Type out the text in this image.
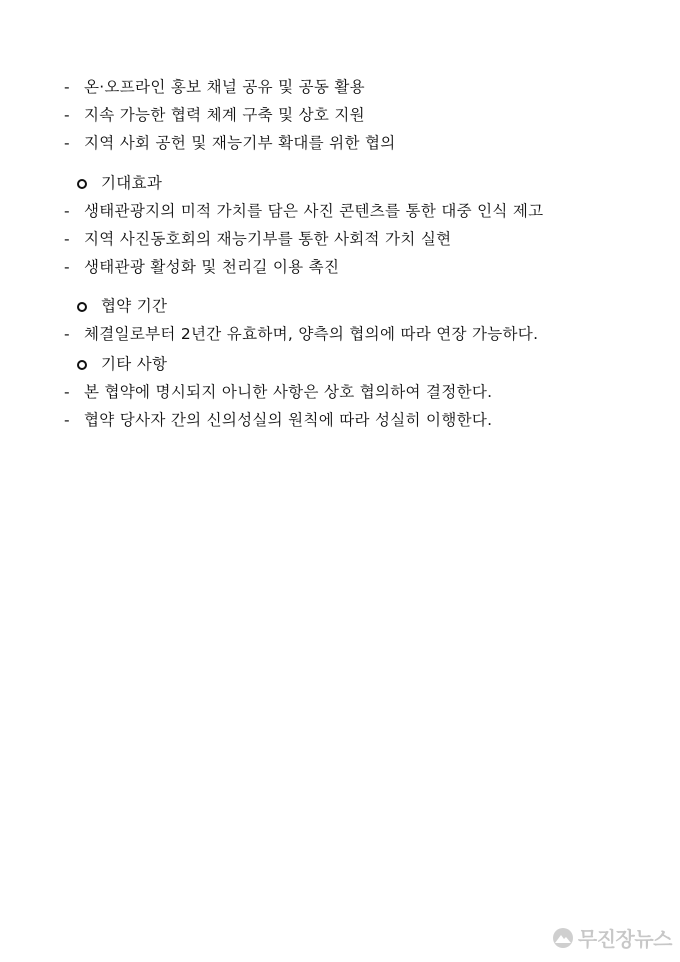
- 온·오프라인 홍보 채널 공유 및 공동 활용
- 지속 가능한 협력 체계 구축 및 상호 지원
- 지역 사회 공헌 및 재능기부 확대를 위한 협의
기대효과
- 생태관광지의 미적 가치를 담은 사진 콘텐츠를 통한 대중 인식 제고
- 지역 사진동호회의 재능기부를 통한 사회적 가치 실현
- 생태관광 활성화 및 천리길 이용 촉진
협약 기간
- 체결일로부터 2년간 유효하며, 양측의 협의에 따라 연장 가능하다.
기타 사항
- 본 협약에 명시되지 아니한 사항은 상호 협의하여 결정한다.
- 협약 당사자 간의 신의성실의 원칙에 따라 성실히 이행한다.
무진장뉴스
